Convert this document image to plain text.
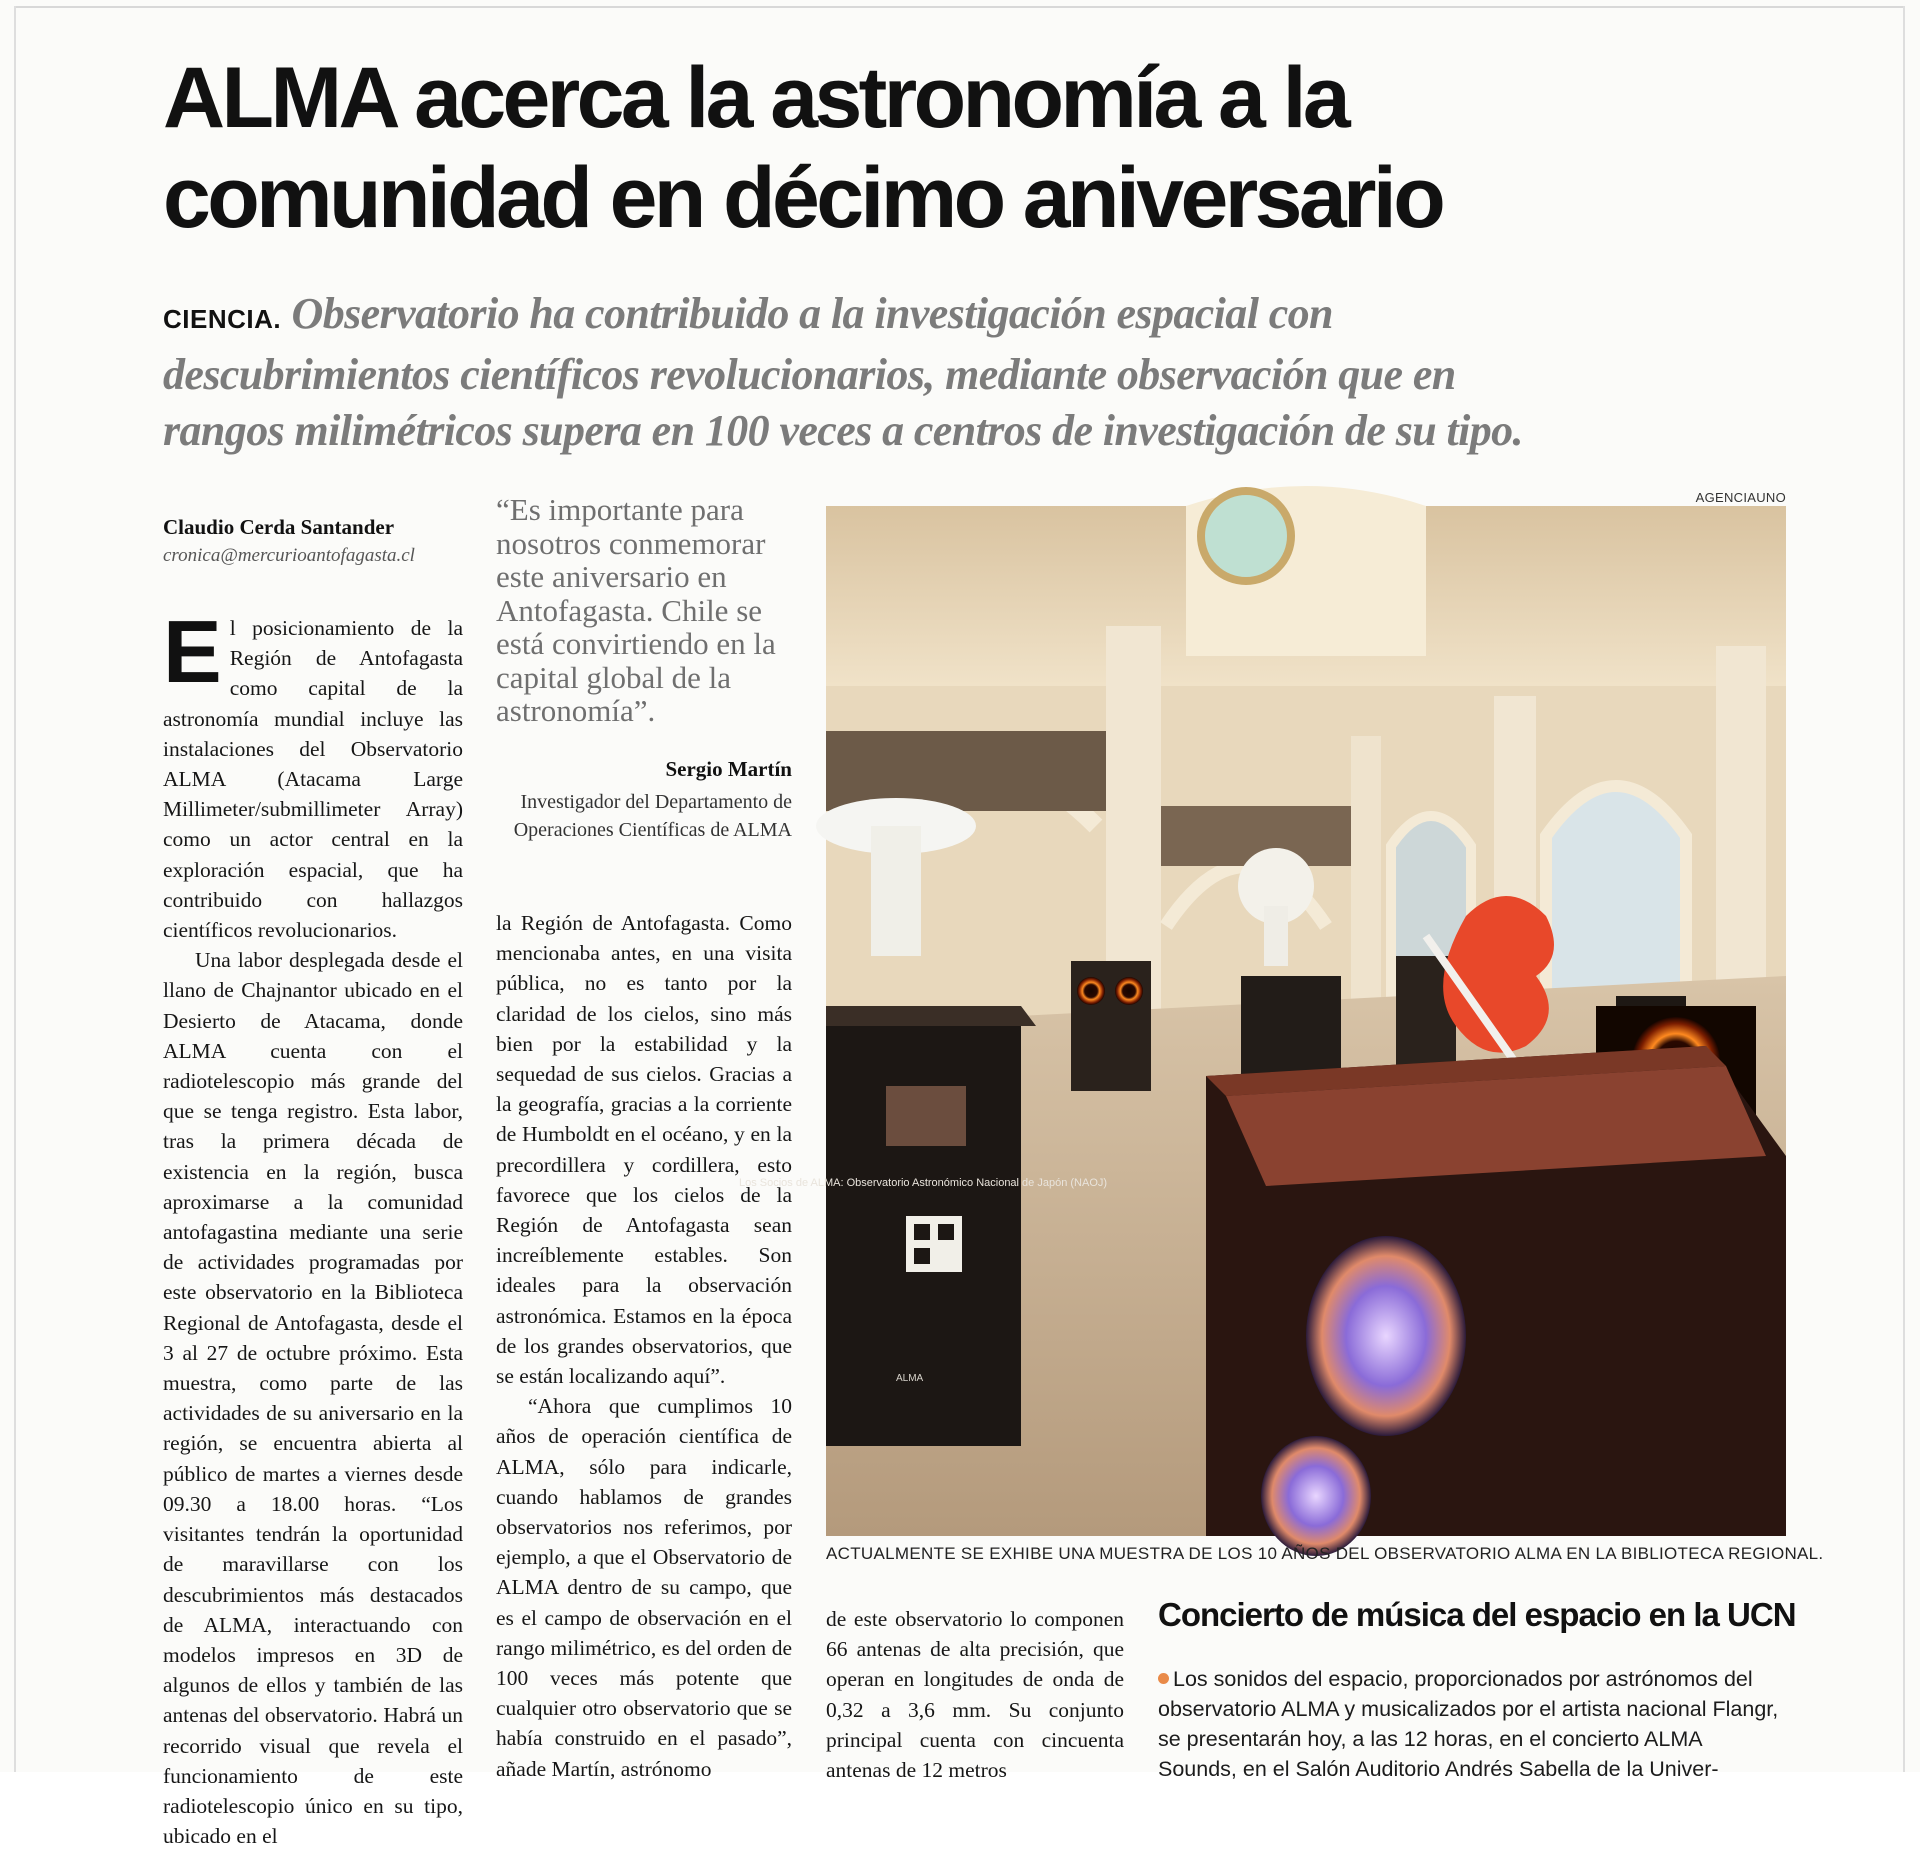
ALMA acerca la astronomía a la
comunidad en décimo aniversario
CIENCIA. Observatorio ha contribuido a la investigación espacial con
descubrimientos científicos revolucionarios, mediante observación que en
rangos milimétricos supera en 100 veces a centros de investigación de su tipo.
Claudio Cerda Santander
cronica@mercurioantofagasta.cl

El posicionamiento de la Región de Antofagasta como capital de la astronomía mundial incluye las instalaciones del Observatorio ALMA (Atacama Large Millimeter/submillimeter Array) como un actor central en la exploración espacial, que ha contribuido con hallazgos científicos revolucionarios.

Una labor desplegada desde el llano de Chajnantor ubicado en el Desierto de Atacama, donde ALMA cuenta con el radiotelescopio más grande del que se tenga registro. Esta labor, tras la primera década de existencia en la región, busca aproximarse a la comunidad antofagastina mediante una serie de actividades programadas por este observatorio en la Biblioteca Regional de Antofagasta, desde el 3 al 27 de octubre próximo. Esta muestra, como parte de las actividades de su aniversario en la región, se encuentra abierta al público de martes a viernes desde 09.30 a 18.00 horas. “Los visitantes tendrán la oportunidad de maravillarse con los descubrimientos más destacados de ALMA, interactuando con modelos impresos en 3D de algunos de ellos y también de las antenas del observatorio. Habrá un recorrido visual que revela el funcionamiento de este radiotelescopio único en su tipo, ubicado en el

“Es importante para nosotros conmemorar este aniversario en Antofagasta. Chile se está convirtiendo en la capital global de la astronomía”.
Sergio Martín
Investigador del Departamento de Operaciones Científicas de ALMA

la Región de Antofagasta. Como mencionaba antes, en una visita pública, no es tanto por la claridad de los cielos, sino más bien por la estabilidad y la sequedad de sus cielos. Gracias a la geografía, gracias a la corriente de Humboldt en el océano, y en la precordillera y cordillera, esto favorece que los cielos de la Región de Antofagasta sean increíblemente estables. Son ideales para la observación astronómica. Estamos en la época de los grandes observatorios, que se están localizando aquí”.

“Ahora que cumplimos 10 años de operación científica de ALMA, sólo para indicarle, cuando hablamos de grandes observatorios nos referimos, por ejemplo, a que el Observatorio de ALMA dentro de su campo, que es el campo de observación en el rango milimétrico, es del orden de 100 veces más potente que cualquier otro observatorio que se había construido en el pasado”, añade Martín, astrónomo

AGENCIAUNO
Los Socios de ALMA: Observatorio Astronómico Nacional de Japón (NAOJ)
ALMA
ACTUALMENTE SE EXHIBE UNA MUESTRA DE LOS 10 AÑOS DEL OBSERVATORIO ALMA EN LA BIBLIOTECA REGIONAL.

de este observatorio lo componen 66 antenas de alta precisión, que operan en longitudes de onda de 0,32 a 3,6 mm. Su conjunto principal cuenta con cincuenta antenas de 12 metros

Concierto de música del espacio en la UCN

Los sonidos del espacio, proporcionados por astrónomos del observatorio ALMA y musicalizados por el artista nacional Flangr, se presentarán hoy, a las 12 horas, en el concierto ALMA Sounds, en el Salón Auditorio Andrés Sabella de la Univer-
